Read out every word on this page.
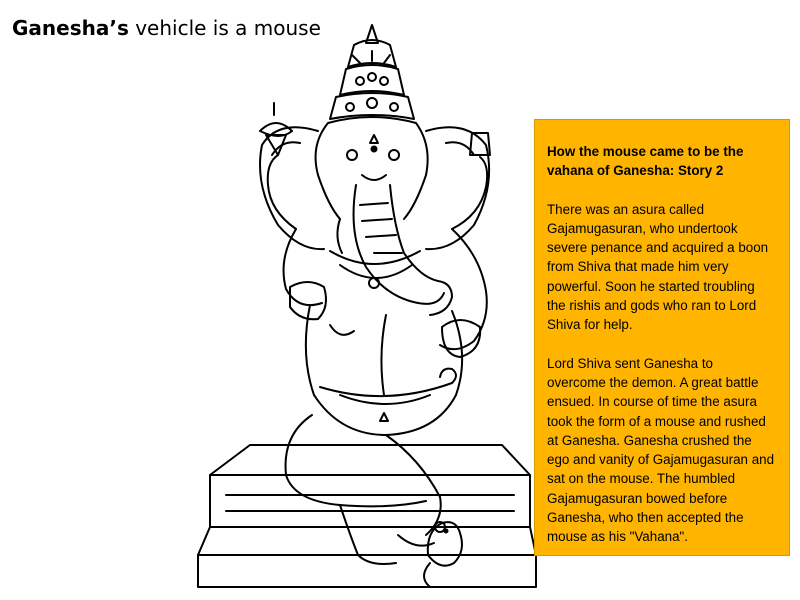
Ganesha’s vehicle is a mouse

How the mouse came to be the vahana of Ganesha: Story 2

There was an asura called Gajamugasuran, who undertook severe penance and acquired a boon from Shiva that made him very powerful. Soon he started troubling the rishis and gods who ran to Lord Shiva for help.

Lord Shiva sent Ganesha to overcome the demon. A great battle ensued. In course of time the asura took the form of a mouse and rushed at Ganesha. Ganesha crushed the ego and vanity of Gajamugasuran and sat on the mouse. The humbled Gajamugasuran bowed before Ganesha, who then accepted the mouse as his "Vahana".
